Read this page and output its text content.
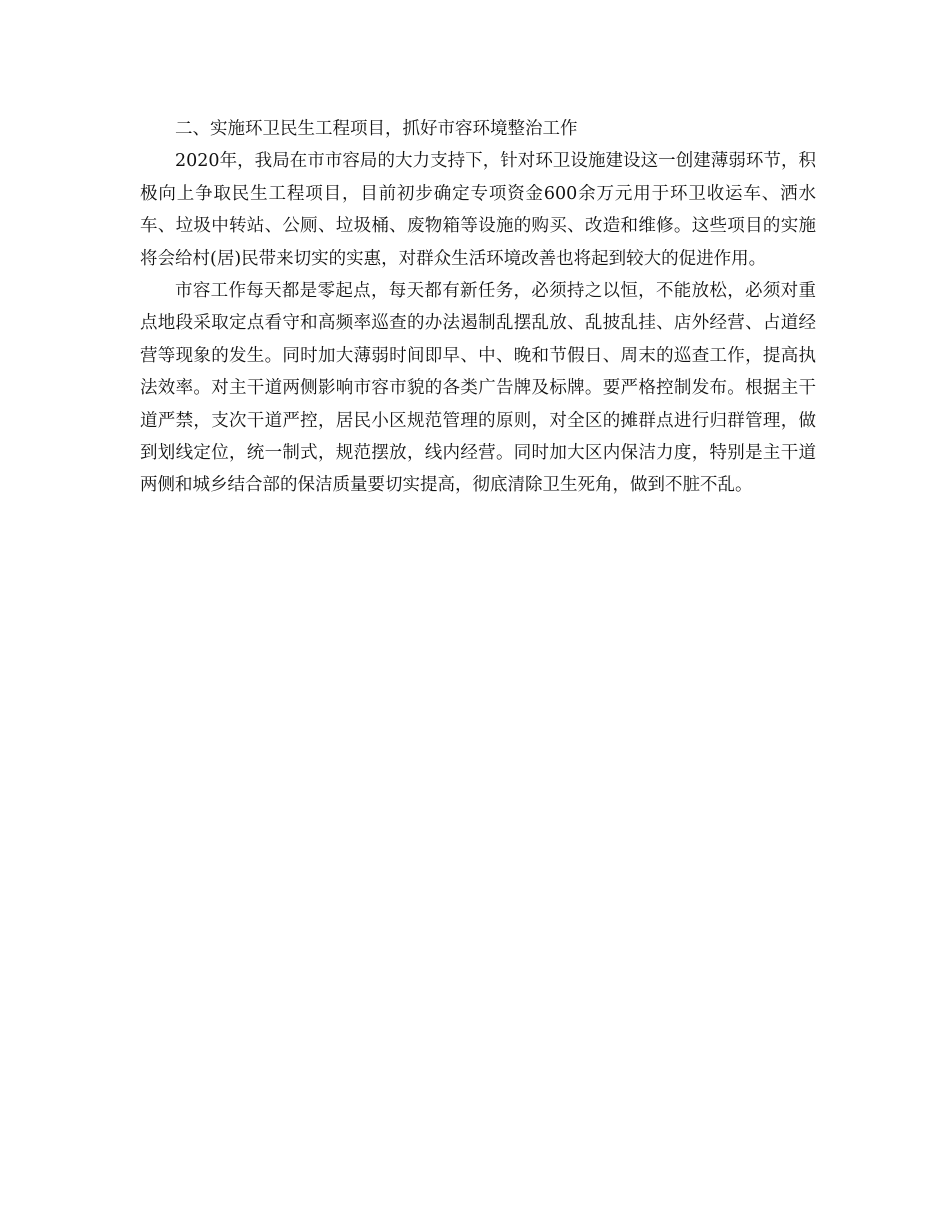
二、实施环卫民生工程项目，抓好市容环境整治工作

2020年，我局在市市容局的大力支持下，针对环卫设施建设这一创建薄弱环节，积极向上争取民生工程项目，目前初步确定专项资金600余万元用于环卫收运车、洒水车、垃圾中转站、公厕、垃圾桶、废物箱等设施的购买、改造和维修。这些项目的实施将会给村(居)民带来切实的实惠，对群众生活环境改善也将起到较大的促进作用。

市容工作每天都是零起点，每天都有新任务，必须持之以恒，不能放松，必须对重点地段采取定点看守和高频率巡查的办法遏制乱摆乱放、乱披乱挂、店外经营、占道经营等现象的发生。同时加大薄弱时间即早、中、晚和节假日、周末的巡查工作，提高执法效率。对主干道两侧影响市容市貌的各类广告牌及标牌。要严格控制发布。根据主干道严禁，支次干道严控，居民小区规范管理的原则，对全区的摊群点进行归群管理，做到划线定位，统一制式，规范摆放，线内经营。同时加大区内保洁力度，特别是主干道两侧和城乡结合部的保洁质量要切实提高，彻底清除卫生死角，做到不脏不乱。
